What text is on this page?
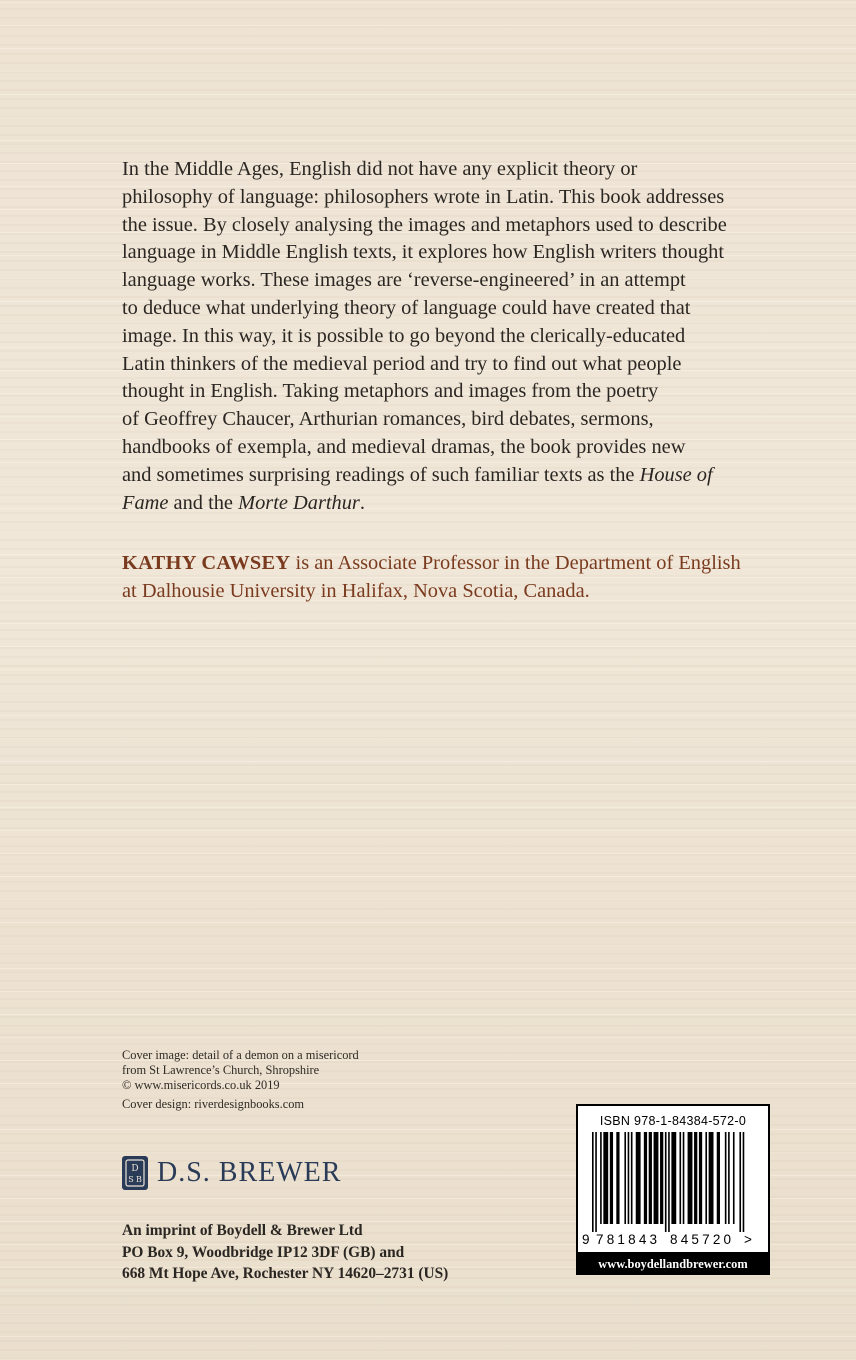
In the Middle Ages, English did not have any explicit theory or
philosophy of language: philosophers wrote in Latin. This book addresses
the issue. By closely analysing the images and metaphors used to describe
language in Middle English texts, it explores how English writers thought
language works. These images are ‘reverse-engineered’ in an attempt
to deduce what underlying theory of language could have created that
image. In this way, it is possible to go beyond the clerically-educated
Latin thinkers of the medieval period and try to find out what people
thought in English. Taking metaphors and images from the poetry
of Geoffrey Chaucer, Arthurian romances, bird debates, sermons,
handbooks of exempla, and medieval dramas, the book provides new
and sometimes surprising readings of such familiar texts as the House of
Fame and the Morte Darthur.
KATHY CAWSEY is an Associate Professor in the Department of English
at Dalhousie University in Halifax, Nova Scotia, Canada.
Cover image: detail of a demon on a misericord
from St Lawrence’s Church, Shropshire
© www.misericords.co.uk 2019
Cover design: riverdesignbooks.com
D
S B D.S. BREWER
An imprint of Boydell & Brewer Ltd
PO Box 9, Woodbridge IP12 3DF (GB) and
668 Mt Hope Ave, Rochester NY 14620–2731 (US)
ISBN 978-1-84384-572-0
9 781843 845720 >
www.boydellandbrewer.com
